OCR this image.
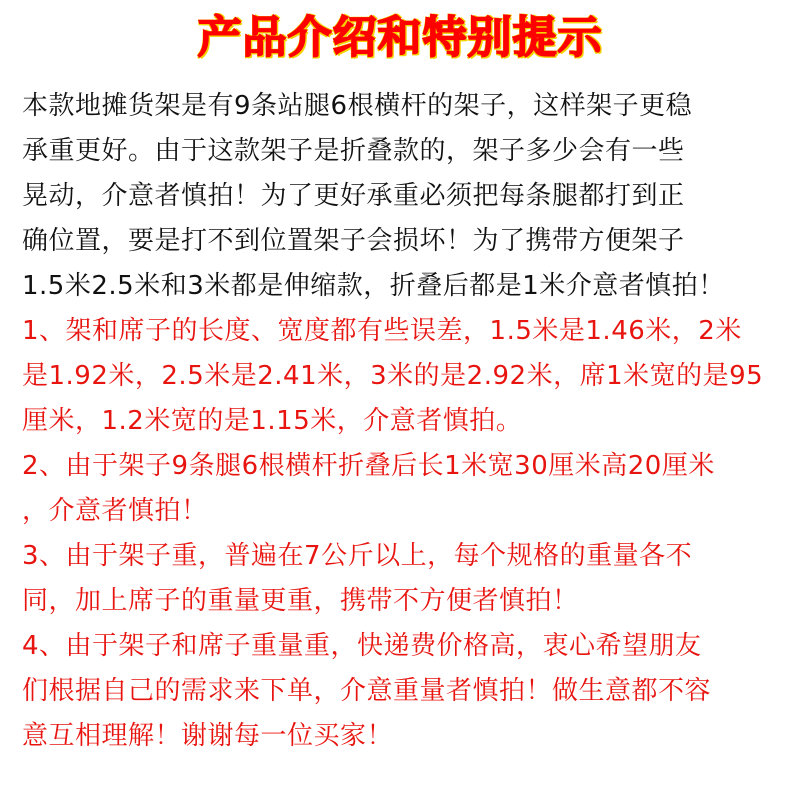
产品介绍和特别提示
本款地摊货架是有9条站腿6根横杆的架子，这样架子更稳
承重更好。由于这款架子是折叠款的，架子多少会有一些
晃动，介意者慎拍！为了更好承重必须把每条腿都打到正
确位置，要是打不到位置架子会损坏！为了携带方便架子
1.5米2.5米和3米都是伸缩款，折叠后都是1米介意者慎拍！
1、架和席子的长度、宽度都有些误差，1.5米是1.46米，2米
是1.92米，2.5米是2.41米，3米的是2.92米，席1米宽的是95
厘米，1.2米宽的是1.15米，介意者慎拍。
2、由于架子9条腿6根横杆折叠后长1米宽30厘米高20厘米
，介意者慎拍！
3、由于架子重，普遍在7公斤以上，每个规格的重量各不
同，加上席子的重量更重，携带不方便者慎拍！
4、由于架子和席子重量重，快递费价格高，衷心希望朋友
们根据自己的需求来下单，介意重量者慎拍！做生意都不容
意互相理解！谢谢每一位买家！
